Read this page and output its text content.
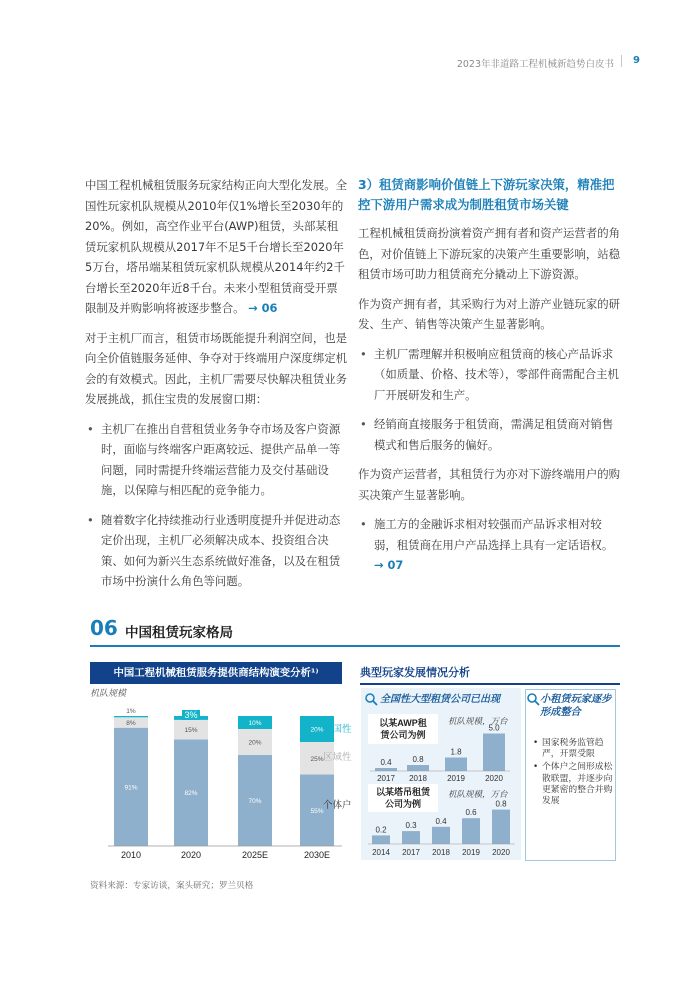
2023年非道路工程机械新趋势白皮书 9

中国工程机械租赁服务玩家结构正向大型化发展。全国性玩家机队规模从2010年仅1%增长至2030年的20%。例如，高空作业平台(AWP)租赁，头部某租赁玩家机队规模从2017年不足5千台增长至2020年5万台，塔吊端某租赁玩家机队规模从2014年约2千台增长至2020年近8千台。未来小型租赁商受开票限制及并购影响将被逐步整合。 → 06

对于主机厂而言，租赁市场既能提升利润空间，也是向全价值链服务延伸、争夺对于终端用户深度绑定机会的有效模式。因此，主机厂需要尽快解决租赁业务发展挑战，抓住宝贵的发展窗口期：

• 主机厂在推出自营租赁业务争夺市场及客户资源时，面临与终端客户距离较远、提供产品单一等问题，同时需提升终端运营能力及交付基础设施，以保障与相匹配的竞争能力。
• 随着数字化持续推动行业透明度提升并促进动态定价出现，主机厂必须解决成本、投资组合决策、如何为新兴生态系统做好准备，以及在租赁市场中扮演什么角色等问题。
3）租赁商影响价值链上下游玩家决策，精准把控下游用户需求成为制胜租赁市场关键

工程机械租赁商扮演着资产拥有者和资产运营者的角色，对价值链上下游玩家的决策产生重要影响，站稳租赁市场可助力租赁商充分撬动上下游资源。

作为资产拥有者，其采购行为对上游产业链玩家的研发、生产、销售等决策产生显著影响。

• 主机厂需理解并积极响应租赁商的核心产品诉求（如质量、价格、技术等），零部件商需配合主机厂开展研发和生产。
• 经销商直接服务于租赁商，需满足租赁商对销售模式和售后服务的偏好。

作为资产运营者，其租赁行为亦对下游终端用户的购买决策产生显著影响。

• 施工方的金融诉求相对较强而产品诉求相对较弱，租赁商在用户产品选择上具有一定话语权。 → 07
06 中国租赁玩家格局
中国工程机械租赁服务提供商结构演变分析¹⁾	典型玩家发展情况分析
机队规模
91%
8%
1%
2010
82%
15%
3%
2020
70%
20%
10%
2025E
55%
25%
20%
2030E
全国性
区域性
个体户
全国性大型租赁公司已出现
以某AWP租
赁公司为例
机队规模，万台
0.4
2017
0.8
2018
1.8
2019
5.0
2020
以某塔吊租赁
公司为例
机队规模，万台
0.2
2014
0.3
2017
0.4
2018
0.6
2019
0.8
2020
小租赁玩家逐步形成整合
• 国家税务监管趋严，开票受限
• 个体户之间形成松散联盟，并逐步向更紧密的整合并购发展
资料来源：专家访谈，案头研究；罗兰贝格
